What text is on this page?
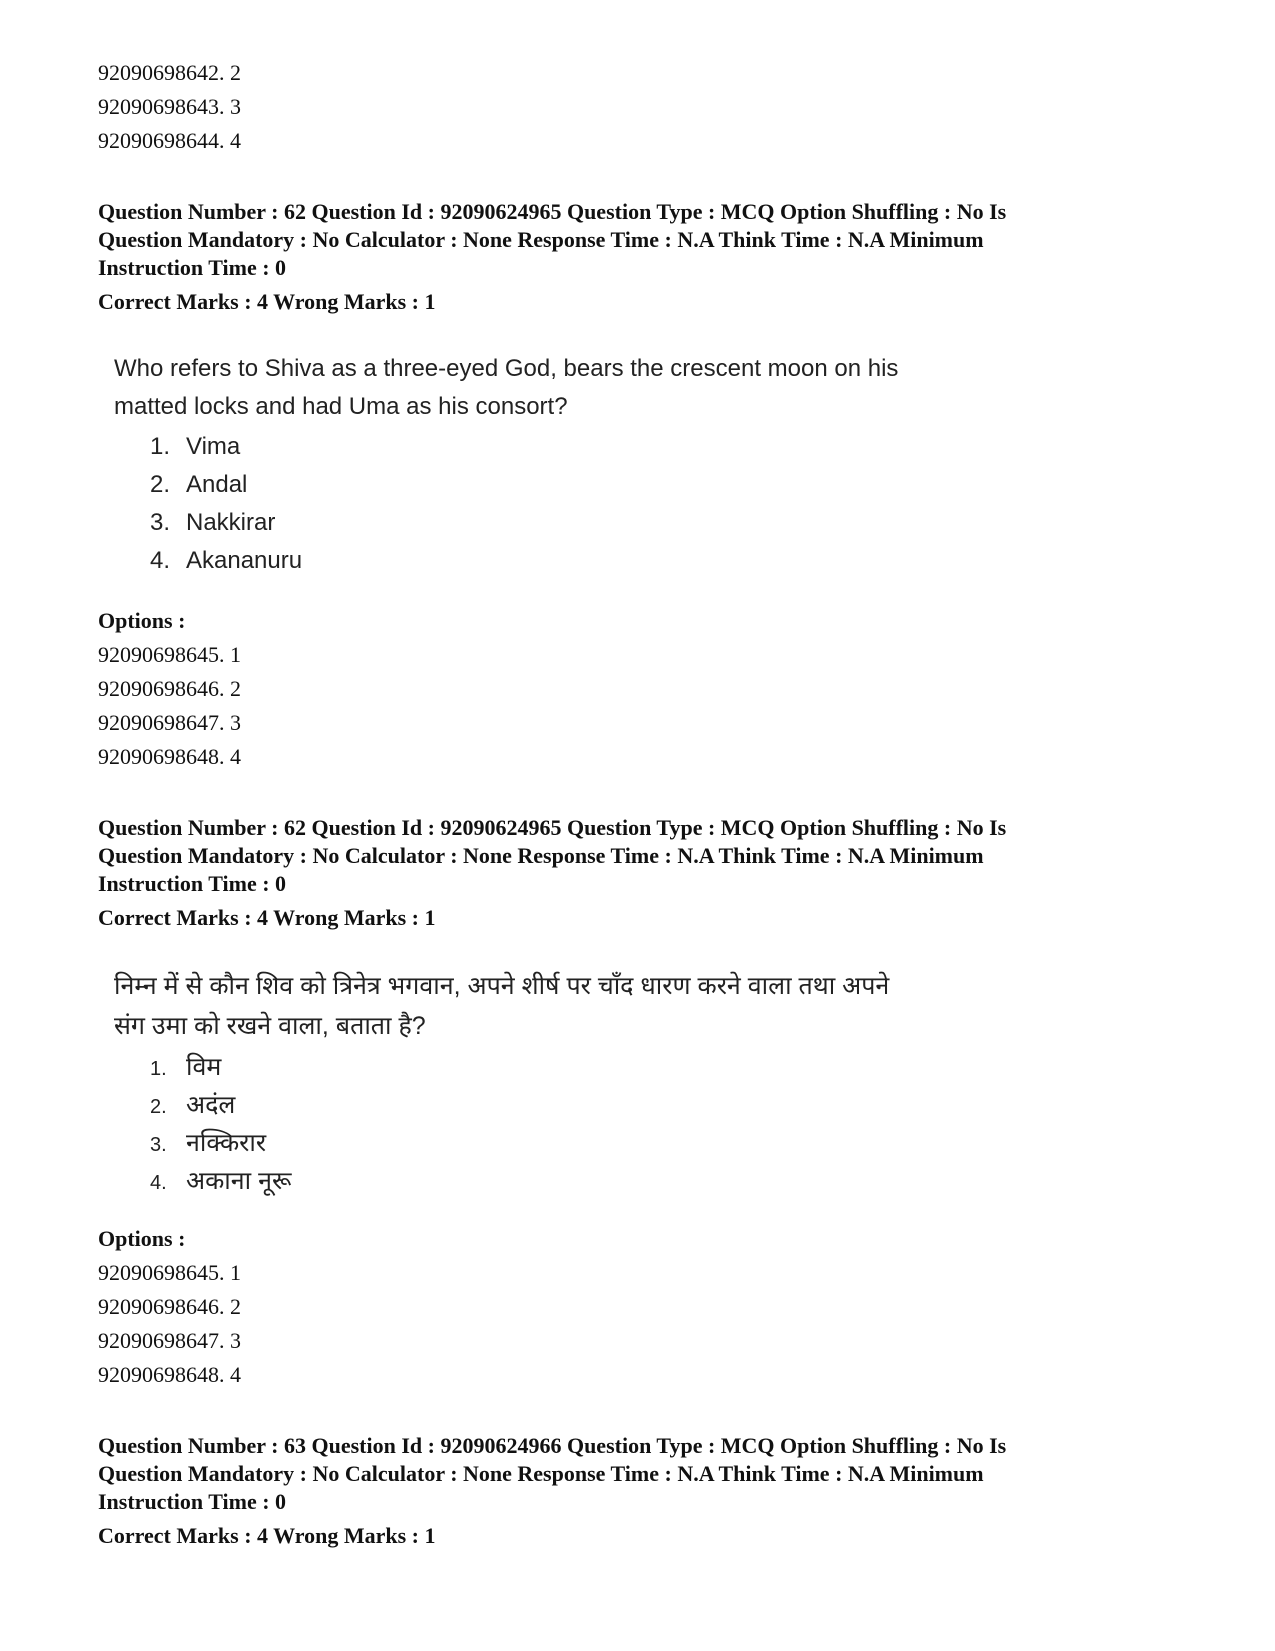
92090698642. 2
92090698643. 3
92090698644. 4
Question Number : 62 Question Id : 92090624965 Question Type : MCQ Option Shuffling : No Is
Question Mandatory : No Calculator : None Response Time : N.A Think Time : N.A Minimum
Instruction Time : 0
Correct Marks : 4 Wrong Marks : 1

Who refers to Shiva as a three-eyed God, bears the crescent moon on his

matted locks and had Uma as his consort?

1. Vima
2. Andal
3. Nakkirar
4. Akananuru
Options :
92090698645. 1
92090698646. 2
92090698647. 3
92090698648. 4
Question Number : 62 Question Id : 92090624965 Question Type : MCQ Option Shuffling : No Is
Question Mandatory : No Calculator : None Response Time : N.A Think Time : N.A Minimum
Instruction Time : 0
Correct Marks : 4 Wrong Marks : 1

निम्न में से कौन शिव को त्रिनेत्र भगवान, अपने शीर्ष पर चाँद धारण करने वाला तथा अपने

संग उमा को रखने वाला, बताता है?

1. विम
2. अदंल
3. नक्किरार
4. अकाना नूरू
Options :
92090698645. 1
92090698646. 2
92090698647. 3
92090698648. 4
Question Number : 63 Question Id : 92090624966 Question Type : MCQ Option Shuffling : No Is
Question Mandatory : No Calculator : None Response Time : N.A Think Time : N.A Minimum
Instruction Time : 0
Correct Marks : 4 Wrong Marks : 1
